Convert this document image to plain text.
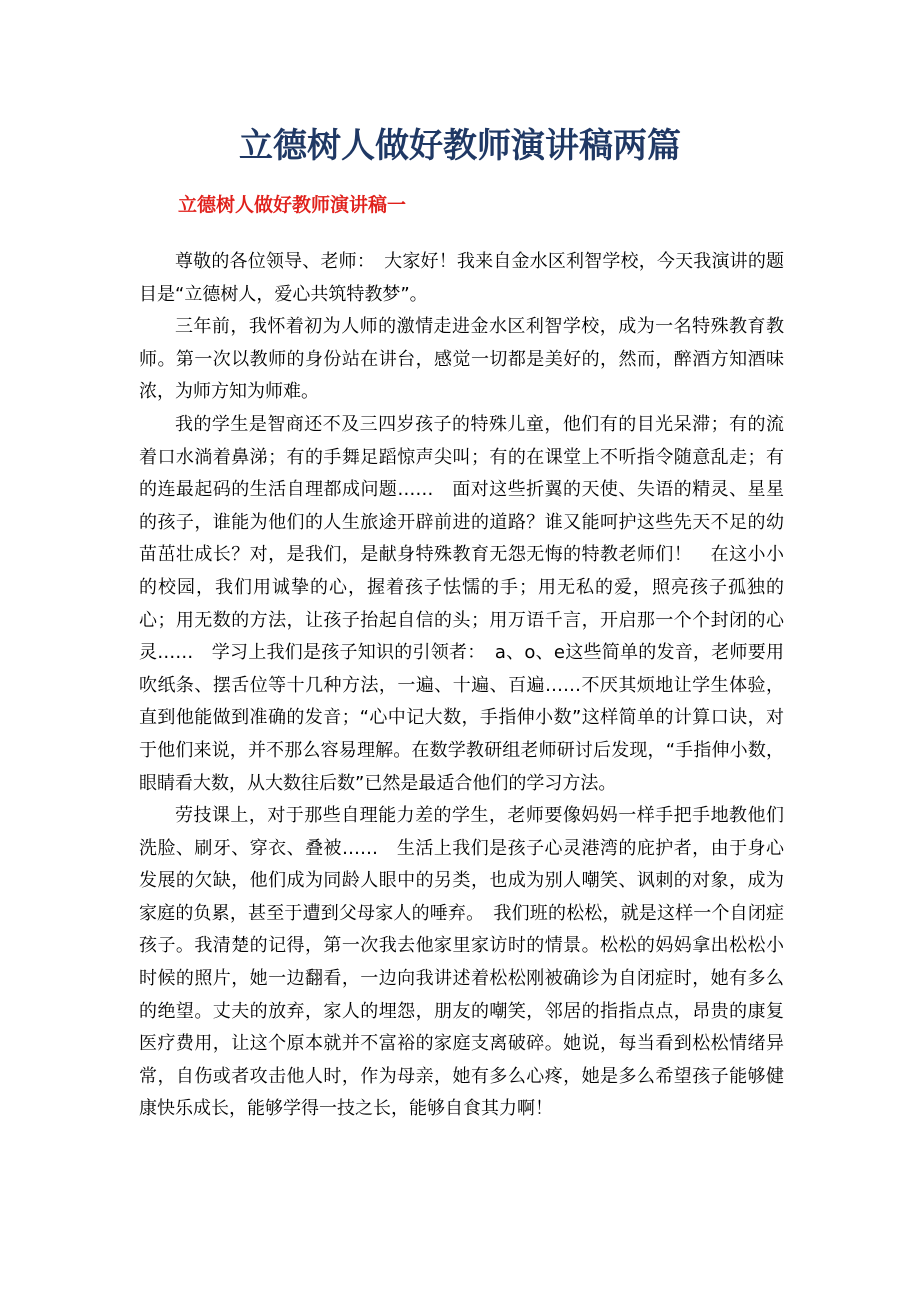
立德树人做好教师演讲稿两篇
立德树人做好教师演讲稿一

尊敬的各位领导、老师：　大家好！我来自金水区利智学校，今天我演讲的题目是“立德树人，爱心共筑特教梦”。

三年前，我怀着初为人师的激情走进金水区利智学校，成为一名特殊教育教师。第一次以教师的身份站在讲台，感觉一切都是美好的，然而，醉酒方知酒味浓，为师方知为师难。

我的学生是智商还不及三四岁孩子的特殊儿童，他们有的目光呆滞；有的流着口水淌着鼻涕；有的手舞足蹈惊声尖叫；有的在课堂上不听指令随意乱走；有的连最起码的生活自理都成问题……　面对这些折翼的天使、失语的精灵、星星的孩子，谁能为他们的人生旅途开辟前进的道路？谁又能呵护这些先天不足的幼苗茁壮成长？对，是我们，是献身特殊教育无怨无悔的特教老师们！　在这小小的校园，我们用诚挚的心，握着孩子怯懦的手；用无私的爱，照亮孩子孤独的心；用无数的方法，让孩子抬起自信的头；用万语千言，开启那一个个封闭的心灵……　学习上我们是孩子知识的引领者：　a、o、e这些简单的发音，老师要用吹纸条、摆舌位等十几种方法，一遍、十遍、百遍……不厌其烦地让学生体验，直到他能做到准确的发音；“心中记大数，手指伸小数”这样简单的计算口诀，对于他们来说，并不那么容易理解。在数学教研组老师研讨后发现，“手指伸小数，眼睛看大数，从大数往后数”已然是最适合他们的学习方法。

劳技课上，对于那些自理能力差的学生，老师要像妈妈一样手把手地教他们洗脸、刷牙、穿衣、叠被……　生活上我们是孩子心灵港湾的庇护者，由于身心发展的欠缺，他们成为同龄人眼中的另类，也成为别人嘲笑、讽刺的对象，成为家庭的负累，甚至于遭到父母家人的唾弃。　我们班的松松，就是这样一个自闭症孩子。我清楚的记得，第一次我去他家里家访时的情景。松松的妈妈拿出松松小时候的照片，她一边翻看，一边向我讲述着松松刚被确诊为自闭症时，她有多么的绝望。丈夫的放弃，家人的埋怨，朋友的嘲笑，邻居的指指点点，昂贵的康复医疗费用，让这个原本就并不富裕的家庭支离破碎。她说，每当看到松松情绪异常，自伤或者攻击他人时，作为母亲，她有多么心疼，她是多么希望孩子能够健康快乐成长，能够学得一技之长，能够自食其力啊！
